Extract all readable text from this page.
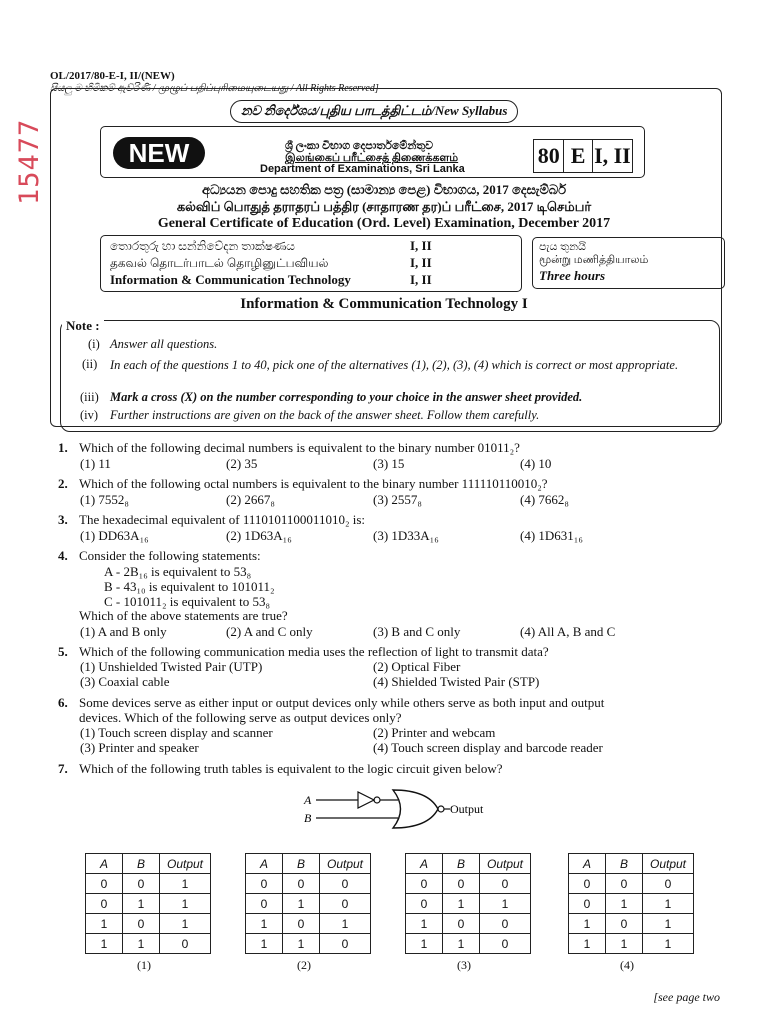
15477
OL/2017/80-E-I, II/(NEW)
සියලු ම හිමිකම් ඇව්රිණි / முழுப் பதிப்புரிமையுடையது / All Rights Reserved]
නව නිර්දේශය/புதிய பாடத்திட்டம்/New Syllabus
NEW	ශ්‍රී ලංකා විභාග දෙපාර්තමේන්තුව
இலங்கைப் பரீட்சைத் திணைக்களம்
Department of Examinations, Sri Lanka
80 E I, II
අධ්‍යයන පොදු සහතික පත්‍ර (සාමාන්‍ය පෙළ) විභාගය, 2017 දෙසැම්බර්
கல்விப் பொதுத் தராதரப் பத்திர (சாதாரண தர)ப் பரீட்சை, 2017 டிசெம்பர்
General Certificate of Education (Ord. Level) Examination, December 2017
තොරතුරු හා සන්නිවේදන තාක්ෂණය	I, II
தகவல் தொடர்பாடல் தொழினுட்பவியல்	I, II
Information & Communication Technology	I, II
පැය තුනයි
மூன்று மணித்தியாலம்
Three hours
Information & Communication Technology I
Note :
(i) Answer all questions.
(ii) In each of the questions 1 to 40, pick one of the alternatives (1), (2), (3), (4) which is correct or most appropriate.
(iii) Mark a cross (X) on the number corresponding to your choice in the answer sheet provided.
(iv) Further instructions are given on the back of the answer sheet. Follow them carefully.
1. Which of the following decimal numbers is equivalent to the binary number 01011₂?
(1) 11	(2) 35	(3) 15	(4) 10
2. Which of the following octal numbers is equivalent to the binary number 111110110010₂?
(1) 7552₈	(2) 2667₈	(3) 2557₈	(4) 7662₈
3. The hexadecimal equivalent of 1110101100011010₂ is:
(1) DD63A₁₆	(2) 1D63A₁₆	(3) 1D33A₁₆	(4) 1D631₁₆
4. Consider the following statements:
A - 2B₁₆ is equivalent to 53₈
B - 43₁₀ is equivalent to 101011₂
C - 101011₂ is equivalent to 53₈
Which of the above statements are true?
(1) A and B only	(2) A and C only	(3) B and C only	(4) All A, B and C
5. Which of the following communication media uses the reflection of light to transmit data?
(1) Unshielded Twisted Pair (UTP)	(2) Optical Fiber
(3) Coaxial cable	(4) Shielded Twisted Pair (STP)
6. Some devices serve as either input or output devices only while others serve as both input and output
devices. Which of the following serve as output devices only?
(1) Touch screen display and scanner	(2) Printer and webcam
(3) Printer and speaker	(4) Touch screen display and barcode reader
7. Which of the following truth tables is equivalent to the logic circuit given below?
A
B
Output
A	B	Output
0	0	1
0	1	1
1	0	1
1	1	0
(1)
A	B	Output
0	0	0
0	1	0
1	0	1
1	1	0
(2)
A	B	Output
0	0	0
0	1	1
1	0	0
1	1	0
(3)
A	B	Output
0	0	0
0	1	1
1	0	1
1	1	1
(4)
[see page two
